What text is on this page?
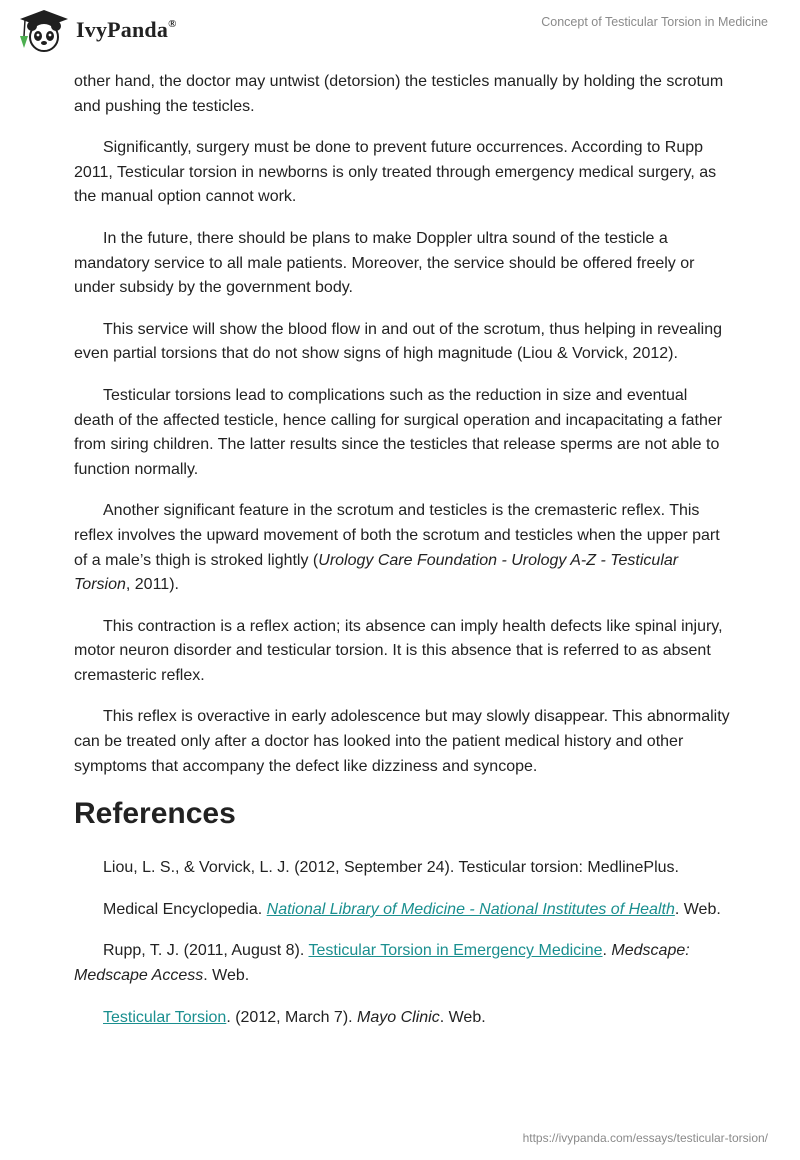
IvyPanda®	Concept of Testicular Torsion in Medicine

other hand, the doctor may untwist (detorsion) the testicles manually by holding the scrotum and pushing the testicles.

Significantly, surgery must be done to prevent future occurrences. According to Rupp 2011, Testicular torsion in newborns is only treated through emergency medical surgery, as the manual option cannot work.

In the future, there should be plans to make Doppler ultra sound of the testicle a mandatory service to all male patients. Moreover, the service should be offered freely or under subsidy by the government body.

This service will show the blood flow in and out of the scrotum, thus helping in revealing even partial torsions that do not show signs of high magnitude (Liou & Vorvick, 2012).

Testicular torsions lead to complications such as the reduction in size and eventual death of the affected testicle, hence calling for surgical operation and incapacitating a father from siring children. The latter results since the testicles that release sperms are not able to function normally.

Another significant feature in the scrotum and testicles is the cremasteric reflex. This reflex involves the upward movement of both the scrotum and testicles when the upper part of a male’s thigh is stroked lightly (Urology Care Foundation - Urology A-Z - Testicular Torsion, 2011).

This contraction is a reflex action; its absence can imply health defects like spinal injury, motor neuron disorder and testicular torsion. It is this absence that is referred to as absent cremasteric reflex.

This reflex is overactive in early adolescence but may slowly disappear. This abnormality can be treated only after a doctor has looked into the patient medical history and other symptoms that accompany the defect like dizziness and syncope.

References

Liou, L. S., & Vorvick, L. J. (2012, September 24). Testicular torsion: MedlinePlus.

Medical Encyclopedia. National Library of Medicine - National Institutes of Health. Web.

Rupp, T. J. (2011, August 8). Testicular Torsion in Emergency Medicine. Medscape: Medscape Access. Web.

Testicular Torsion. (2012, March 7). Mayo Clinic. Web.

https://ivypanda.com/essays/testicular-torsion/
